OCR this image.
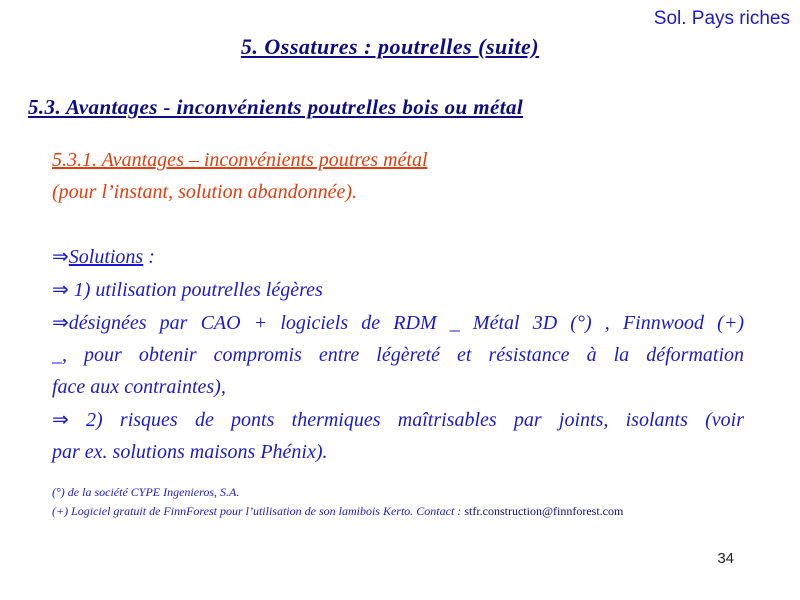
Sol. Pays riches
5. Ossatures : poutrelles (suite)
5.3. Avantages - inconvénients poutrelles bois ou métal

5.3.1. Avantages – inconvénients poutres métal

(pour l’instant, solution abandonnée).

⇒Solutions :

⇒ 1) utilisation poutrelles légères

⇒désignées par CAO + logiciels de RDM _ Métal 3D (°) , Finnwood (+)

_, pour obtenir compromis entre légèreté et résistance à la déformation

face aux contraintes),

⇒ 2) risques de ponts thermiques maîtrisables par joints, isolants (voir

par ex. solutions maisons Phénix).

(°) de la société CYPE Ingenieros, S.A.
(+) Logiciel gratuit de FinnForest pour l’utilisation de son lamibois Kerto. Contact : stfr.construction@finnforest.com
34
